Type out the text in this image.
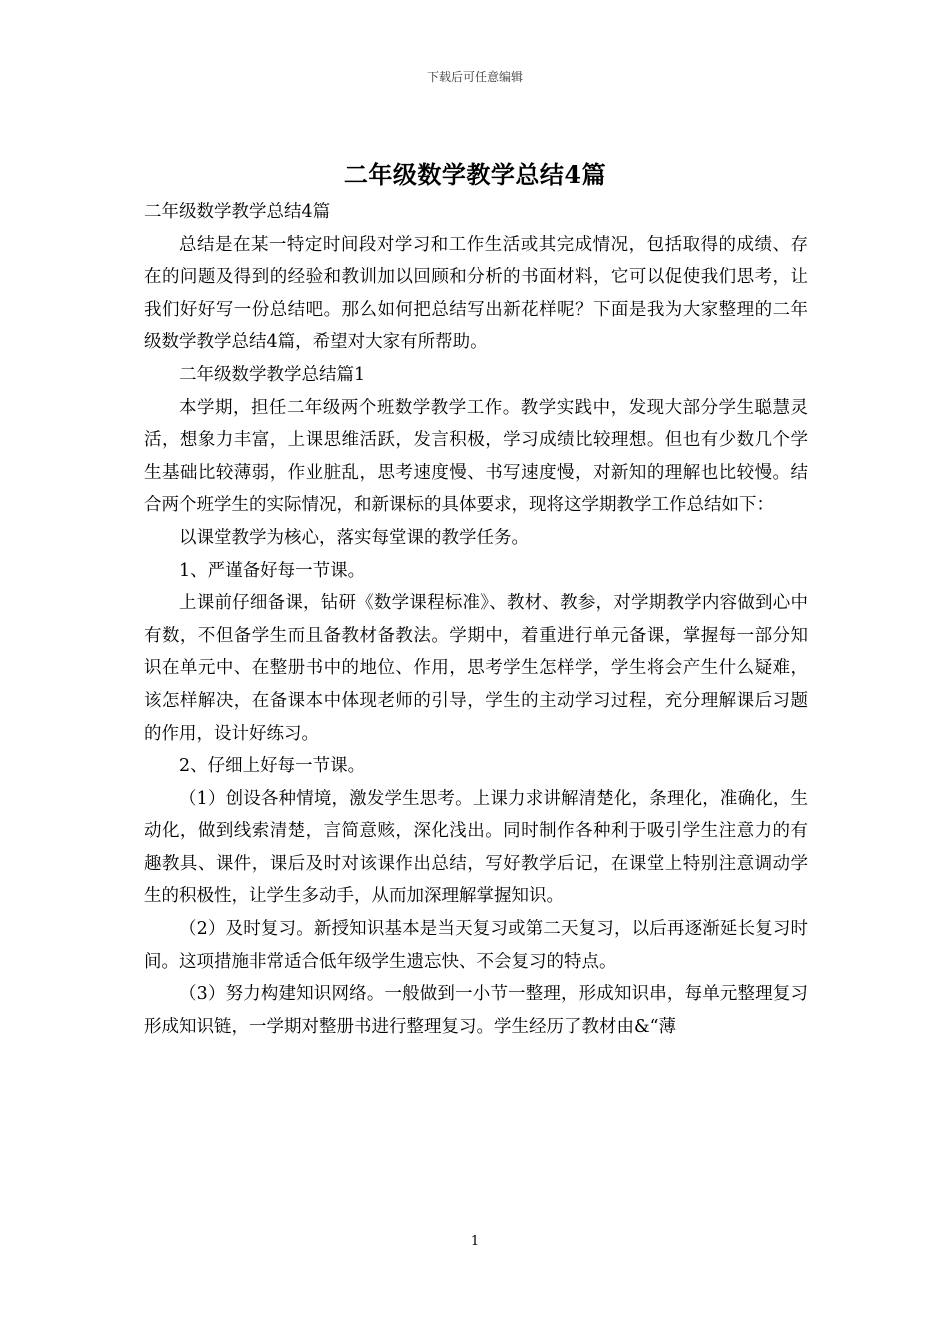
下载后可任意编辑
二年级数学教学总结4篇

二年级数学教学总结4篇

总结是在某一特定时间段对学习和工作生活或其完成情况，包括取得的成绩、存在的问题及得到的经验和教训加以回顾和分析的书面材料，它可以促使我们思考，让我们好好写一份总结吧。那么如何把总结写出新花样呢？下面是我为大家整理的二年级数学教学总结4篇，希望对大家有所帮助。

二年级数学教学总结篇1

本学期，担任二年级两个班数学教学工作。教学实践中，发现大部分学生聪慧灵活，想象力丰富，上课思维活跃，发言积极，学习成绩比较理想。但也有少数几个学生基础比较薄弱，作业脏乱，思考速度慢、书写速度慢，对新知的理解也比较慢。结合两个班学生的实际情况，和新课标的具体要求，现将这学期教学工作总结如下：

以课堂教学为核心，落实每堂课的教学任务。

1、严谨备好每一节课。

上课前仔细备课，钻研《数学课程标准》、教材、教参，对学期教学内容做到心中有数，不但备学生而且备教材备教法。学期中，着重进行单元备课，掌握每一部分知识在单元中、在整册书中的地位、作用，思考学生怎样学，学生将会产生什么疑难，该怎样解决，在备课本中体现老师的引导，学生的主动学习过程，充分理解课后习题的作用，设计好练习。

2、仔细上好每一节课。

（1）创设各种情境，激发学生思考。上课力求讲解清楚化，条理化，准确化，生动化，做到线索清楚，言简意赅，深化浅出。同时制作各种利于吸引学生注意力的有趣教具、课件，课后及时对该课作出总结，写好教学后记，在课堂上特别注意调动学生的积极性，让学生多动手，从而加深理解掌握知识。

（2）及时复习。新授知识基本是当天复习或第二天复习，以后再逐渐延长复习时间。这项措施非常适合低年级学生遗忘快、不会复习的特点。

（3）努力构建知识网络。一般做到一小节一整理，形成知识串，每单元整理复习形成知识链，一学期对整册书进行整理复习。学生经历了教材由&“薄

1
